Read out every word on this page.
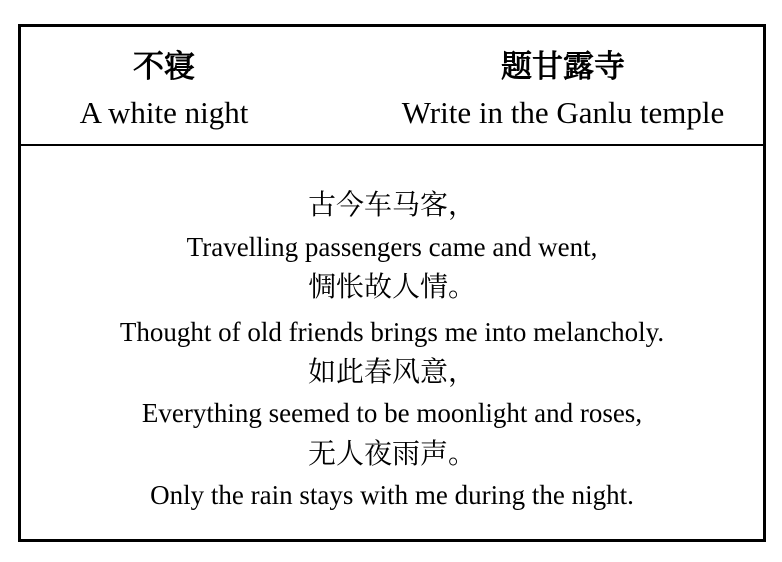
不寝
A white night
题甘露寺
Write in the Ganlu temple
古今车马客，
Travelling passengers came and went,
惆怅故人情。
Thought of old friends brings me into melancholy.
如此春风意，
Everything seemed to be moonlight and roses,
无人夜雨声。
Only the rain stays with me during the night.
